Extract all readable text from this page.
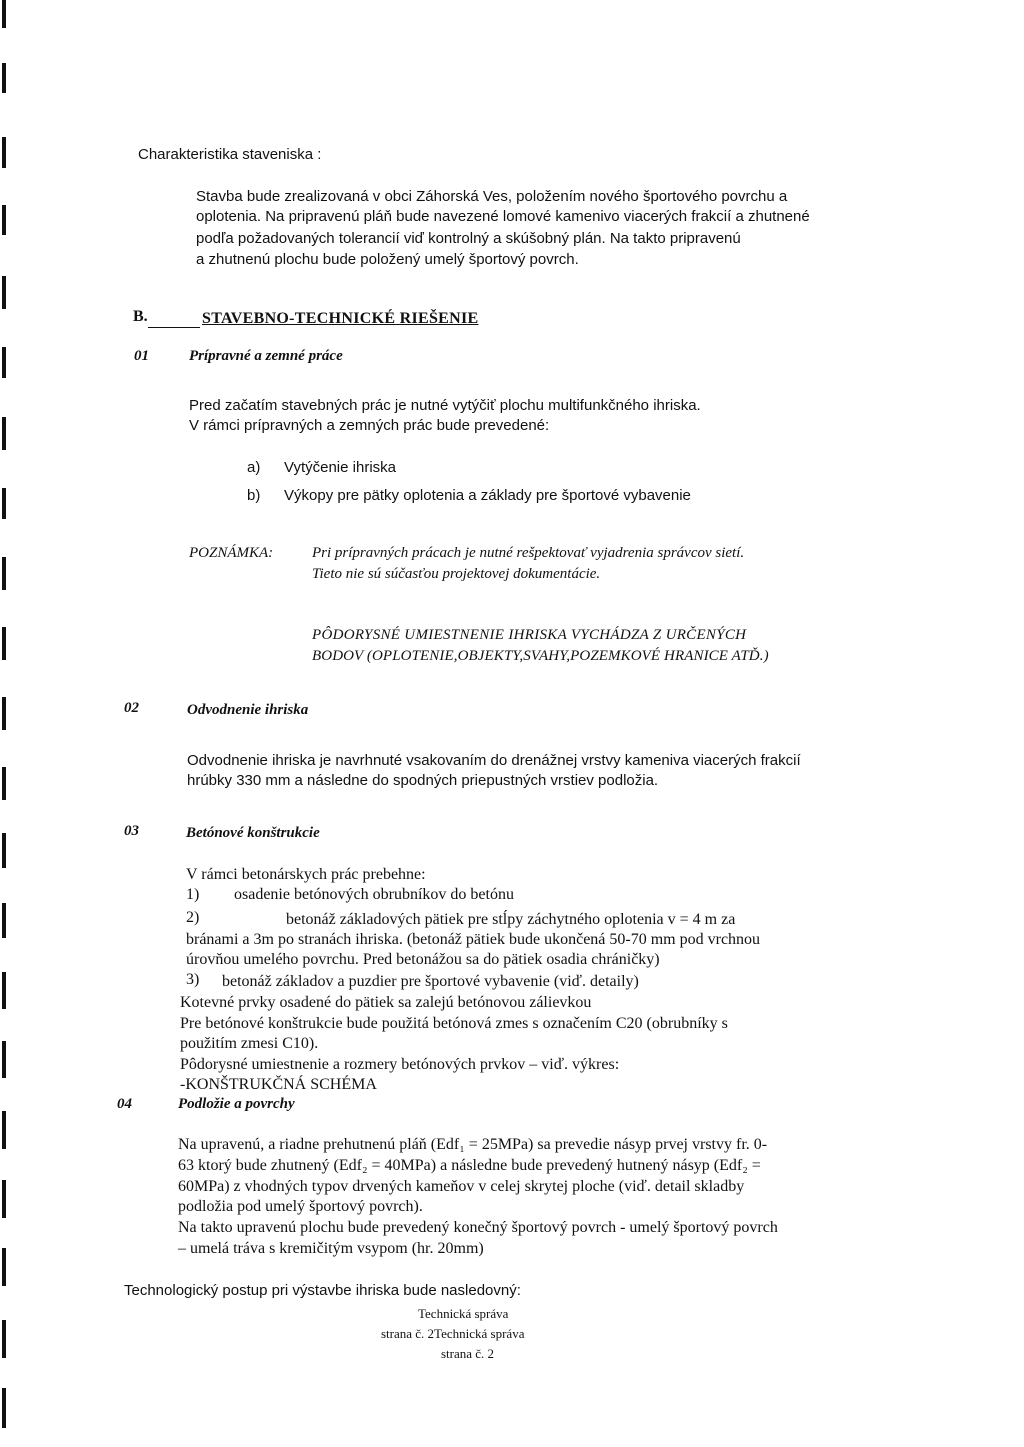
Charakteristika staveniska :
Stavba bude zrealizovaná v obci Záhorská Ves, položením nového športového povrchu a
oplotenia. Na pripravenú pláň bude navezené lomové kamenivo viacerých frakcií a zhutnené
podľa požadovaných tolerancií viď kontrolný a skúšobný plán. Na takto pripravenú
a zhutnenú plochu bude položený umelý športový povrch.
B.	STAVEBNO-TECHNICKÉ RIEŠENIE
01	Prípravné a zemné práce
Pred začatím stavebných prác je nutné vytýčiť plochu multifunkčného ihriska.
V rámci prípravných a zemných prác bude prevedené:
a) Vytýčenie ihriska
b) Výkopy pre pätky oplotenia a základy pre športové vybavenie
POZNÁMKA:	Pri prípravných prácach je nutné rešpektovať vyjadrenia správcov sietí.
Tieto nie sú súčasťou projektovej dokumentácie.
PÔDORYSNÉ UMIESTNENIE IHRISKA VYCHÁDZA Z URČENÝCH
BODOV (OPLOTENIE,OBJEKTY,SVAHY,POZEMKOVÉ HRANICE ATĎ.)
02	Odvodnenie ihriska
Odvodnenie ihriska je navrhnuté vsakovaním do drenážnej vrstvy kameniva viacerých frakcií
hrúbky 330 mm a následne do spodných priepustných vrstiev podložia.
03	Betónové konštrukcie
V rámci betonárskych prác prebehne:
1) osadenie betónových obrubníkov do betónu
2)	betonáž základových pätiek pre stĺpy záchytného oplotenia v = 4 m za
bránami a 3m po stranách ihriska. (betonáž pätiek bude ukončená 50-70 mm pod vrchnou
úrovňou umelého povrchu. Pred betonážou sa do pätiek osadia chráničky)
3) betonáž základov a puzdier pre športové vybavenie (viď. detaily)
Kotevné prvky osadené do pätiek sa zalejú betónovou zálievkou
Pre betónové konštrukcie bude použitá betónová zmes s označením C20 (obrubníky s
použitím zmesi C10).
Pôdorysné umiestnenie a rozmery betónových prvkov – viď. výkres:
-KONŠTRUKČNÁ SCHÉMA
04	Podložie a povrchy
Na upravenú, a riadne prehutnenú pláň (Edf₁ = 25MPa) sa prevedie násyp prvej vrstvy fr. 0-
63 ktorý bude zhutnený (Edf₂ = 40MPa) a následne bude prevedený hutnený násyp (Edf₂ =
60MPa) z vhodných typov drvených kameňov v celej skrytej ploche (viď. detail skladby
podložia pod umelý športový povrch).
Na takto upravenú plochu bude prevedený konečný športový povrch - umelý športový povrch
– umelá tráva s kremičitým vsypom (hr. 20mm)
Technologický postup pri výstavbe ihriska bude nasledovný:
Technická správa
strana č. 2Technická správa
strana č. 2
